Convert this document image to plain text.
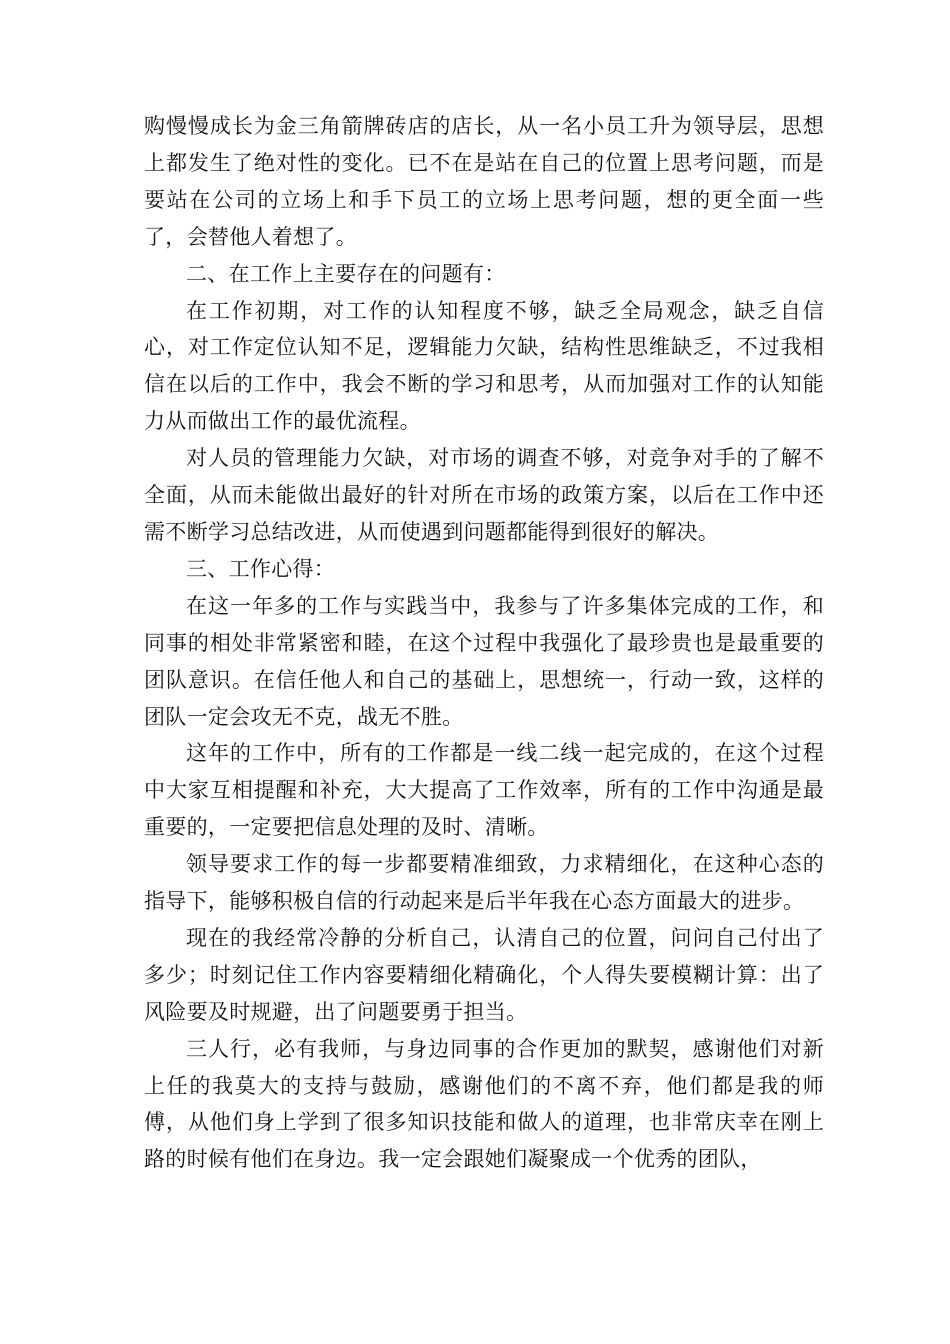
购慢慢成长为金三角箭牌砖店的店长，从一名小员工升为领导层，思想上都发生了绝对性的变化。已不在是站在自己的位置上思考问题，而是要站在公司的立场上和手下员工的立场上思考问题，想的更全面一些了，会替他人着想了。

二、在工作上主要存在的问题有：

在工作初期，对工作的认知程度不够，缺乏全局观念，缺乏自信心，对工作定位认知不足，逻辑能力欠缺，结构性思维缺乏，不过我相信在以后的工作中，我会不断的学习和思考，从而加强对工作的认知能力从而做出工作的最优流程。

对人员的管理能力欠缺，对市场的调查不够，对竞争对手的了解不全面，从而未能做出最好的针对所在市场的政策方案，以后在工作中还需不断学习总结改进，从而使遇到问题都能得到很好的解决。

三、工作心得：

在这一年多的工作与实践当中，我参与了许多集体完成的工作，和同事的相处非常紧密和睦，在这个过程中我强化了最珍贵也是最重要的团队意识。在信任他人和自己的基础上，思想统一，行动一致，这样的团队一定会攻无不克，战无不胜。

这年的工作中，所有的工作都是一线二线一起完成的，在这个过程中大家互相提醒和补充，大大提高了工作效率，所有的工作中沟通是最重要的，一定要把信息处理的及时、清晰。

领导要求工作的每一步都要精准细致，力求精细化，在这种心态的指导下，能够积极自信的行动起来是后半年我在心态方面最大的进步。

现在的我经常冷静的分析自己，认清自己的位置，问问自己付出了多少；时刻记住工作内容要精细化精确化，个人得失要模糊计算：出了风险要及时规避，出了问题要勇于担当。

三人行，必有我师，与身边同事的合作更加的默契，感谢他们对新上任的我莫大的支持与鼓励，感谢他们的不离不弃，他们都是我的师傅，从他们身上学到了很多知识技能和做人的道理，也非常庆幸在刚上路的时候有他们在身边。我一定会跟她们凝聚成一个优秀的团队，
